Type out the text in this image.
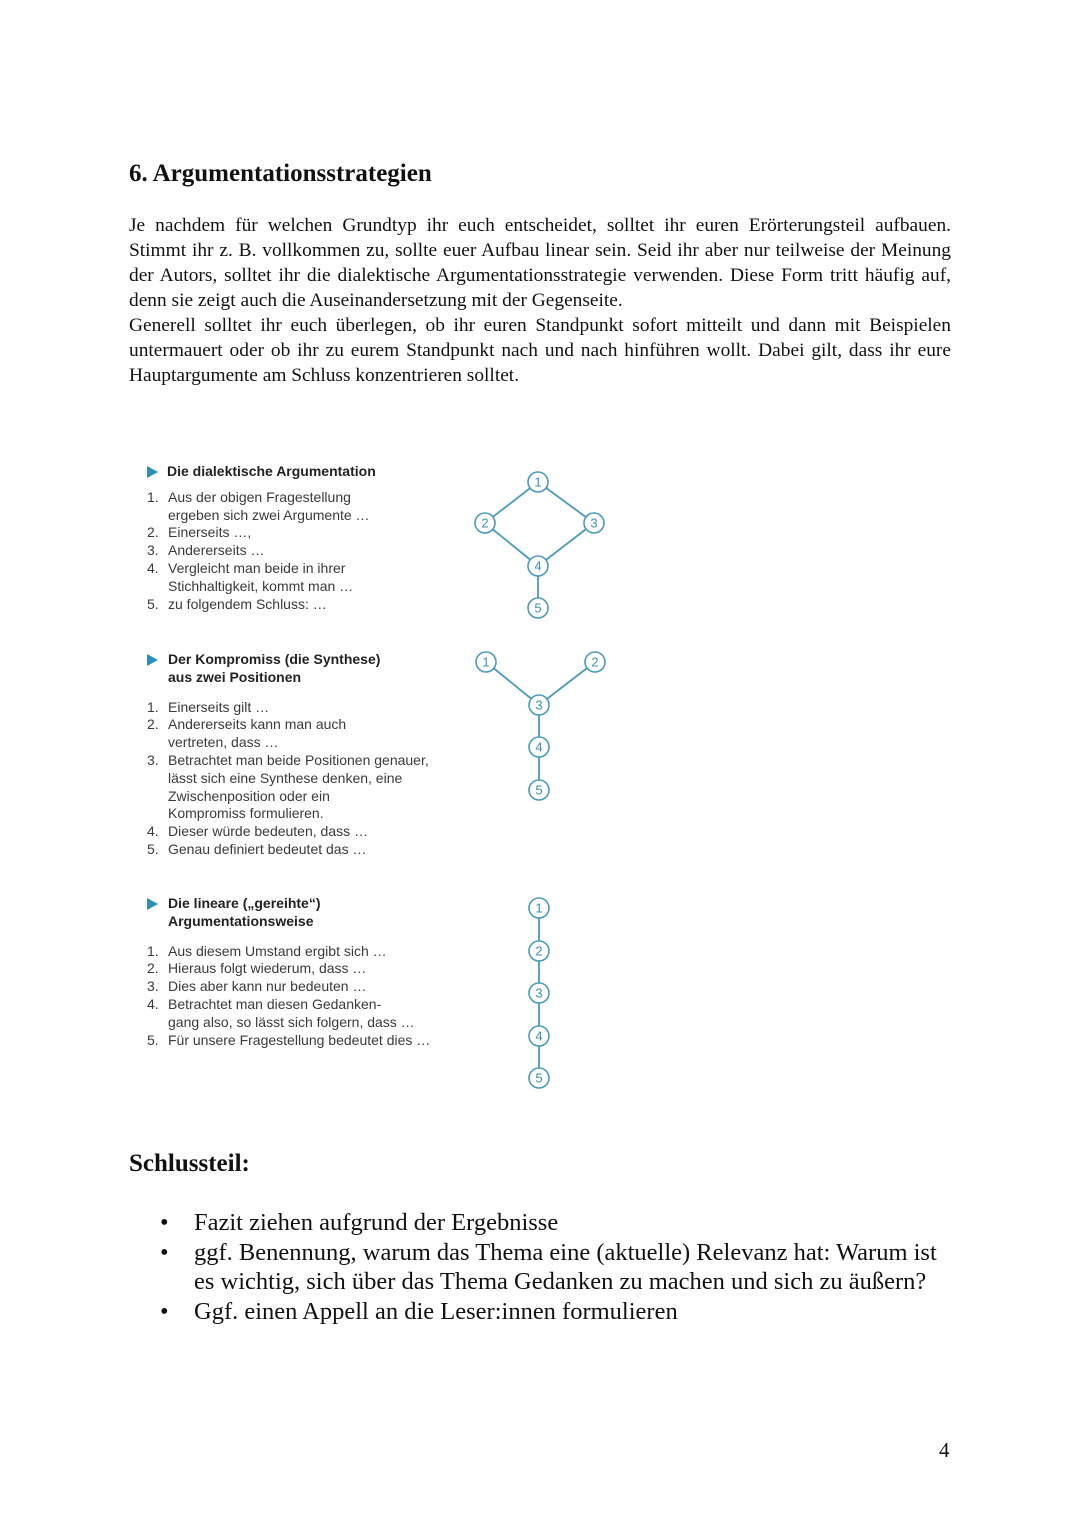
6. Argumentationsstrategien

Je nachdem für welchen Grundtyp ihr euch entscheidet, solltet ihr euren Erörterungsteil aufbauen. Stimmt ihr z. B. vollkommen zu, sollte euer Aufbau linear sein. Seid ihr aber nur teilweise der Meinung der Autors, solltet ihr die dialektische Argumentationsstrategie verwenden. Diese Form tritt häufig auf, denn sie zeigt auch die Auseinandersetzung mit der Gegenseite.

Generell solltet ihr euch überlegen, ob ihr euren Standpunkt sofort mitteilt und dann mit Beispielen untermauert oder ob ihr zu eurem Standpunkt nach und nach hinführen wollt. Dabei gilt, dass ihr eure Hauptargumente am Schluss konzentrieren solltet.

Die dialektische Argumentation
1. Aus der obigen Fragestellung
ergeben sich zwei Argumente …
2. Einerseits …,
3. Andererseits …
4. Vergleicht man beide in ihrer
Stichhaltigkeit, kommt man …
5. zu folgendem Schluss: …
Der Kompromiss (die Synthese)
aus zwei Positionen
1. Einerseits gilt …
2. Andererseits kann man auch
vertreten, dass …
3. Betrachtet man beide Positionen genauer,
lässt sich eine Synthese denken, eine
Zwischenposition oder ein
Kompromiss formulieren.
4. Dieser würde bedeuten, dass …
5. Genau definiert bedeutet das …
Die lineare („gereihte“)
Argumentationsweise
1. Aus diesem Umstand ergibt sich …
2. Hieraus folgt wiederum, dass …
3. Dies aber kann nur bedeuten …
4. Betrachtet man diesen Gedanken-
gang also, so lässt sich folgern, dass …
5. Für unsere Fragestellung bedeutet dies …
1
2	3
4
5
1	2
3
4
5
1
2
3
4
5
Schlussteil:
•	Fazit ziehen aufgrund der Ergebnisse
•	ggf. Benennung, warum das Thema eine (aktuelle) Relevanz hat: Warum ist es wichtig, sich über das Thema Gedanken zu machen und sich zu äußern?
•	Ggf. einen Appell an die Leser:innen formulieren
4
